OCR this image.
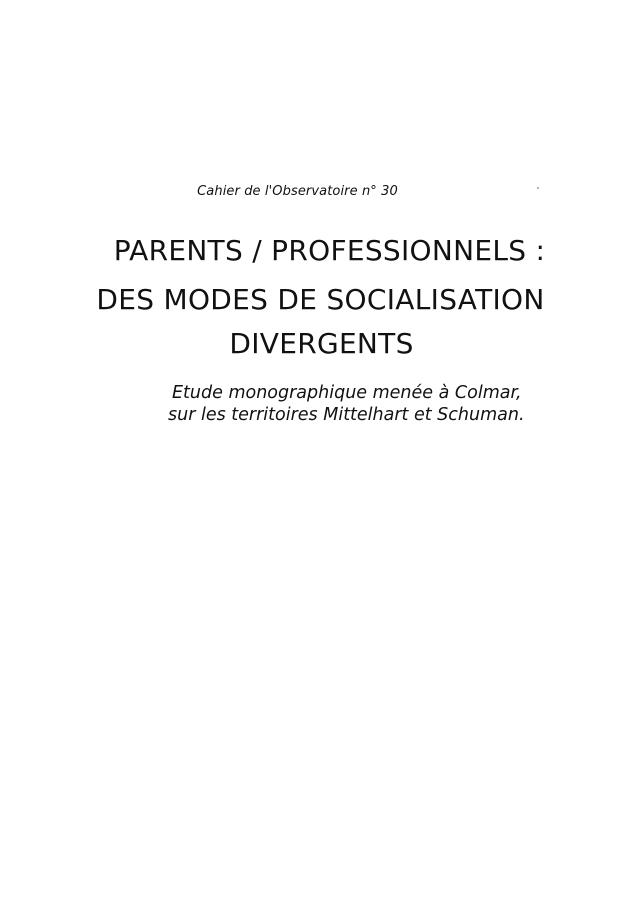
Cahier de l'Observatoire n° 30
PARENTS / PROFESSIONNELS :
DES MODES DE SOCIALISATION
DIVERGENTS
Etude monographique menée à Colmar,
sur les territoires Mittelhart et Schuman.
